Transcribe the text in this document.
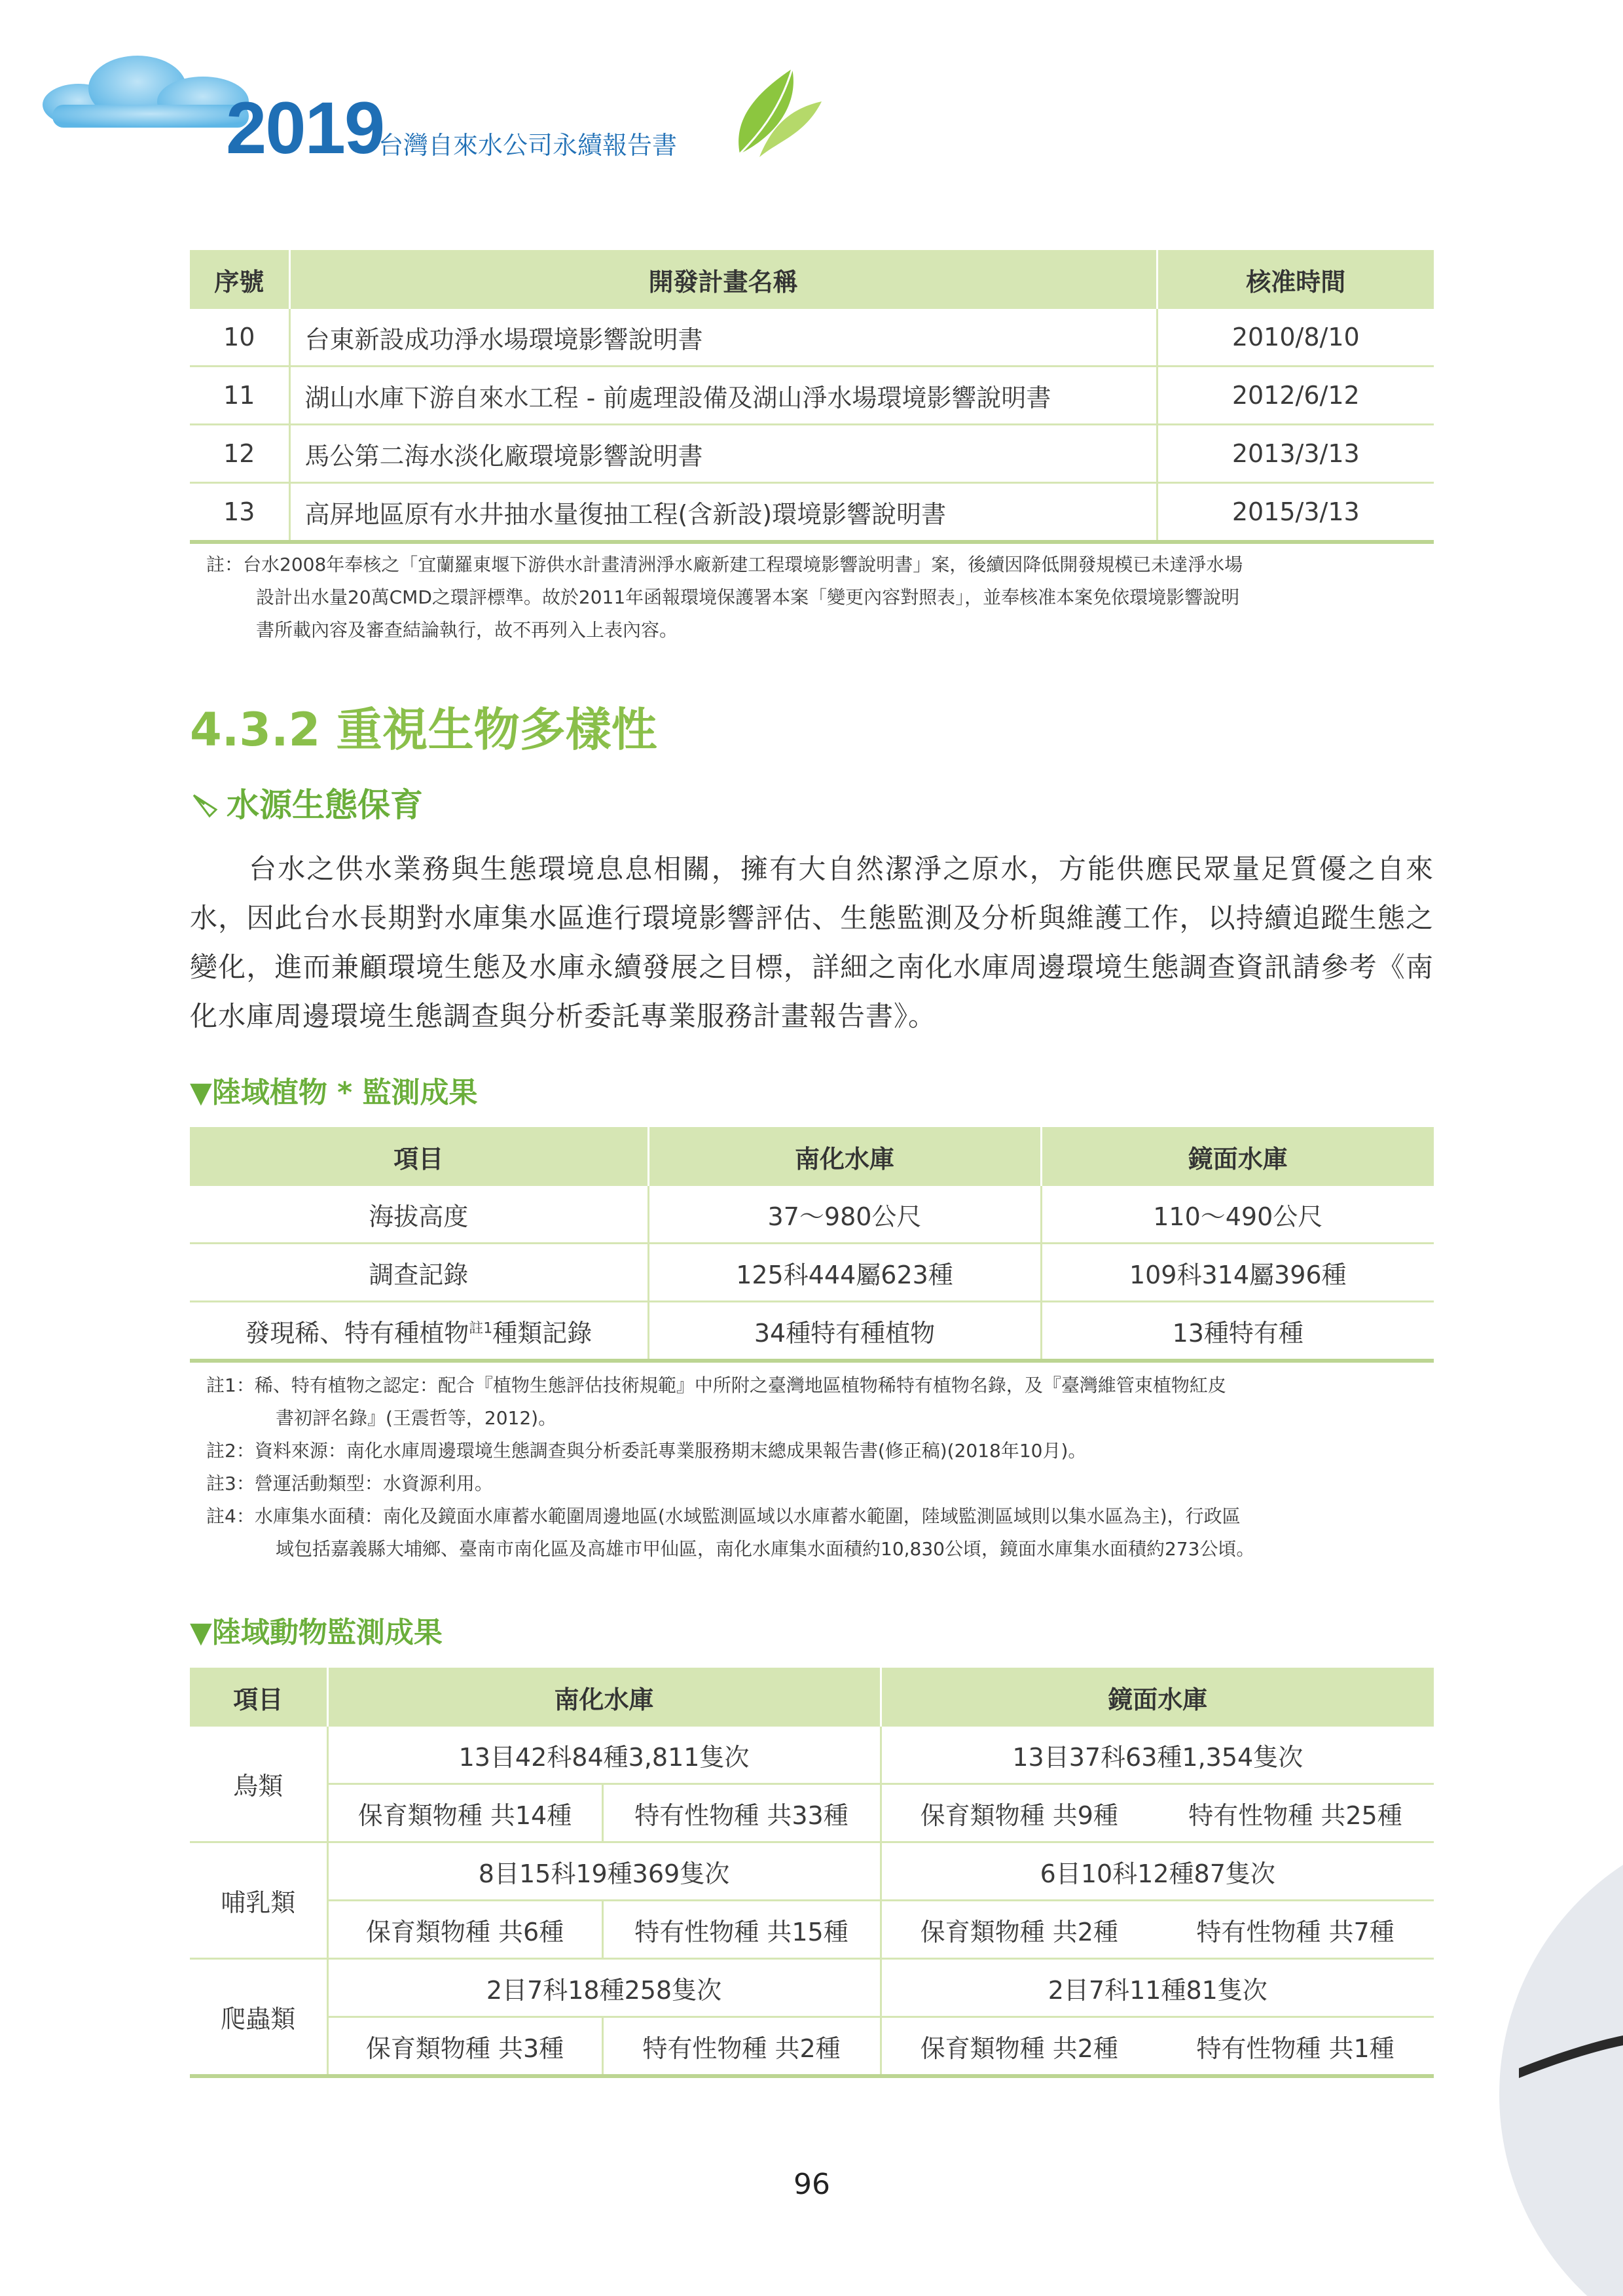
2019
台灣自來水公司永續報告書
序號	開發計畫名稱	核准時間
10	台東新設成功淨水場環境影響說明書	2010/8/10
11	湖山水庫下游自來水工程 - 前處理設備及湖山淨水場環境影響說明書	2012/6/12
12	馬公第二海水淡化廠環境影響說明書	2013/3/13
13	高屏地區原有水井抽水量復抽工程(含新設)環境影響說明書	2015/3/13
註：台水2008年奉核之「宜蘭羅東堰下游供水計畫清洲淨水廠新建工程環境影響說明書」案，後續因降低開發規模已未達淨水場
設計出水量20萬CMD之環評標準。故於2011年函報環境保護署本案「變更內容對照表」，並奉核准本案免依環境影響說明
書所載內容及審查結論執行，故不再列入上表內容。
4.3.2 重視生物多樣性
水源生態保育
台水之供水業務與生態環境息息相關，擁有大自然潔淨之原水，方能供應民眾量足質優之自來水，因此台水長期對水庫集水區進行環境影響評估、生態監測及分析與維護工作，以持續追蹤生態之變化，進而兼顧環境生態及水庫永續發展之目標，詳細之南化水庫周邊環境生態調查資訊請參考《南化水庫周邊環境生態調查與分析委託專業服務計畫報告書》。
▼陸域植物 * 監測成果
項目	南化水庫	鏡面水庫
海拔高度	37～980公尺	110～490公尺
調查記錄	125科444屬623種	109科314屬396種
發現稀、特有種植物$^{註1}$種類記錄	34種特有種植物	13種特有種
註1：稀、特有植物之認定：配合『植物生態評估技術規範』中所附之臺灣地區植物稀特有植物名錄，及『臺灣維管束植物紅皮
書初評名錄』(王震哲等，2012)。
註2：資料來源：南化水庫周邊環境生態調查與分析委託專業服務期末總成果報告書(修正稿)(2018年10月)。
註3：營運活動類型：水資源利用。
註4：水庫集水面積：南化及鏡面水庫蓄水範圍周邊地區(水域監測區域以水庫蓄水範圍，陸域監測區域則以集水區為主)，行政區
域包括嘉義縣大埔鄉、臺南市南化區及高雄市甲仙區，南化水庫集水面積約10,830公頃，鏡面水庫集水面積約273公頃。
▼陸域動物監測成果
項目	南化水庫		鏡面水庫	
鳥類	13目42科84種3,811隻次		13目37科63種1,354隻次	
	保育類物種 共14種	特有性物種 共33種	保育類物種 共9種	特有性物種 共25種
哺乳類	8目15科19種369隻次		6目10科12種87隻次	
	保育類物種 共6種	特有性物種 共15種	保育類物種 共2種	特有性物種 共7種
爬蟲類	2目7科18種258隻次		2目7科11種81隻次	
	保育類物種 共3種	特有性物種 共2種	保育類物種 共2種	特有性物種 共1種
96
